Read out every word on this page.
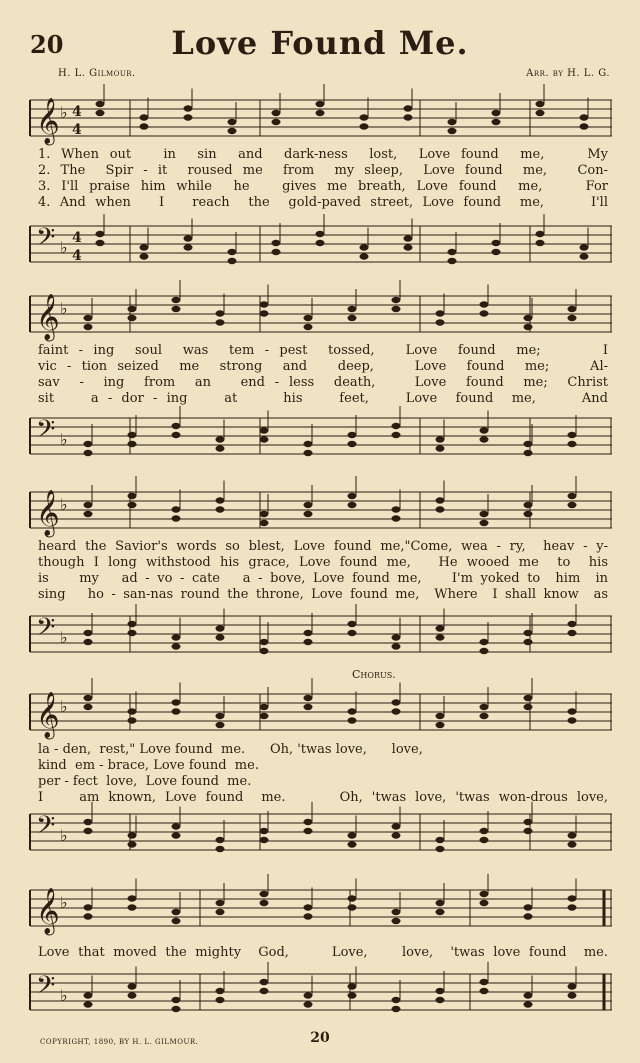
20	Love Found Me.
H. L. Gilmour.	Arr. by H. L. G.
𝄞 ♭ 4
4
𝄢 ♭ 4
4
1. When out   in  sin  and  dark-ness  lost,  Love found  me,    My
2. The  Spir - it  roused me  from  my sleep,  Love found  me,   Con-
3. I'll praise him while  he   gives me breath, Love found  me,    For
4. And when   I   reach  the  gold-paved street, Love found  me,     I'll
𝄞 ♭
𝄢 ♭
faint - ing  soul  was  tem - pest  tossed,   Love  found  me;      I
vic - tion seized  me  strong  and   deep,    Love  found  me;    Al-
sav  -  ing  from  an   end - less  death,    Love  found  me;  Christ
sit    a - dor - ing    at     his    feet,    Love  found  me,     And
𝄞 ♭
𝄢 ♭
heard the Savior's words so blest, Love found me,"Come, wea - ry,  heav - y-
though I long withstood his grace, Love found me,   He wooed me  to  his
is    my   ad - vo - cate   a - bove, Love found me,    I'm yoked to  him  in
sing   ho - san-nas round the throne, Love found me,  Where  I shall know  as
Chorus.
𝄞 ♭
𝄢 ♭
la - den,  rest," Love found  me.      Oh, 'twas love,      love,
kind  em - brace, Love found  me.
per - fect  love,  Love found  me.
I    am known, Love found  me.      Oh, 'twas love, 'twas won-drous love,
𝄞 ♭
𝄢 ♭
Love that moved the mighty  God,     Love,    love,  'twas love found  me.
COPYRIGHT, 1890, BY H. L. GILMOUR.	20
